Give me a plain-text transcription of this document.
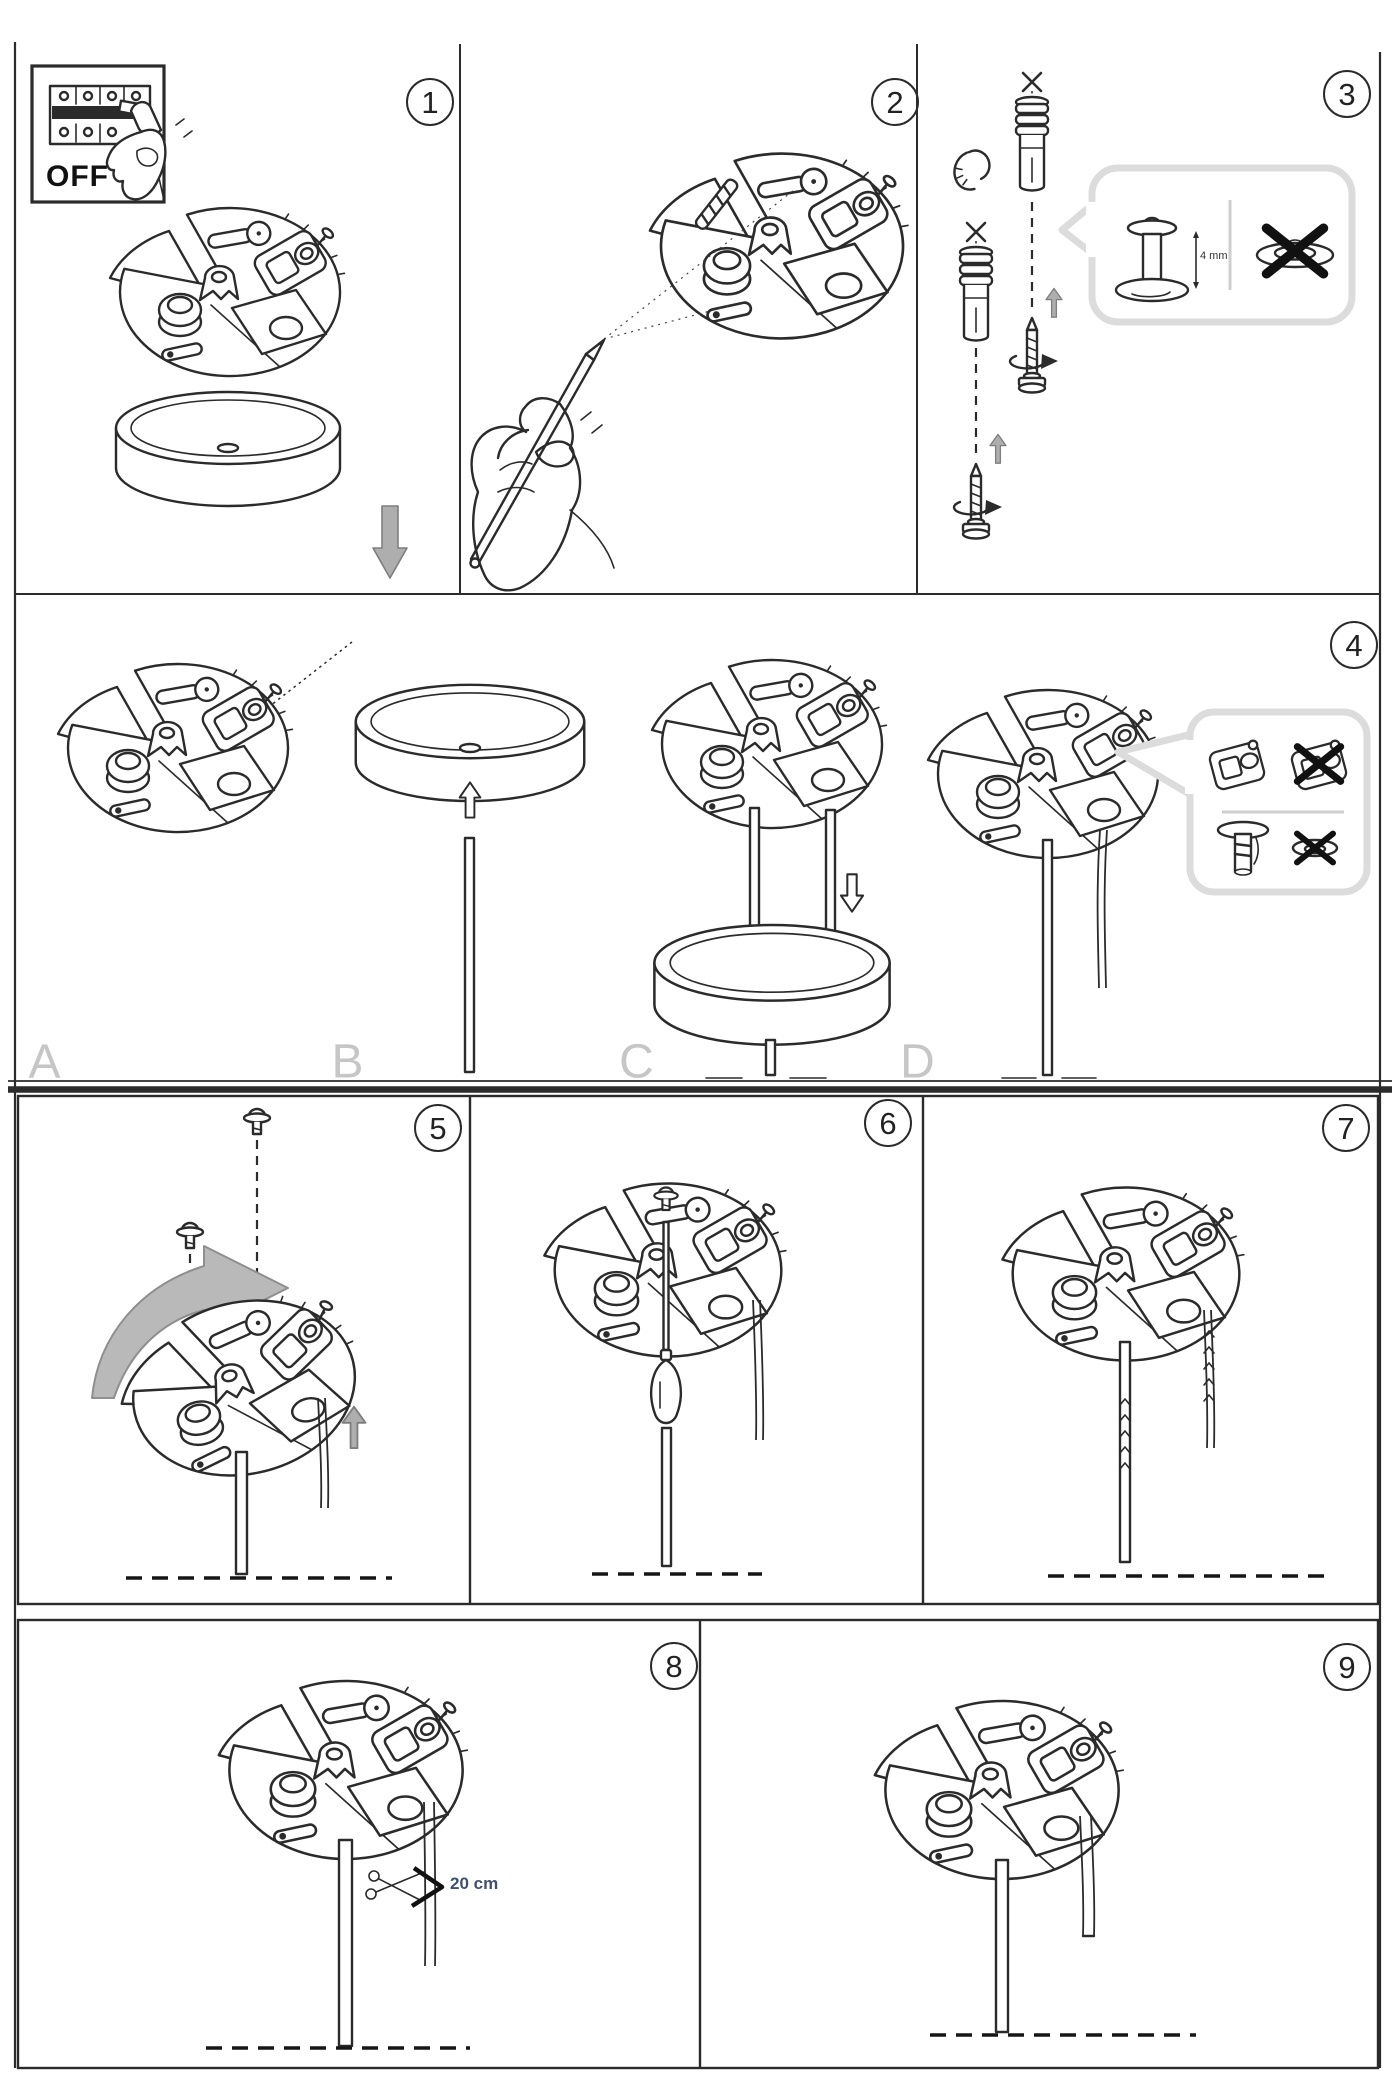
1	2	3
4
5	6	7
8	9
OFF
4 mm
A	B	C	D
20 cm
